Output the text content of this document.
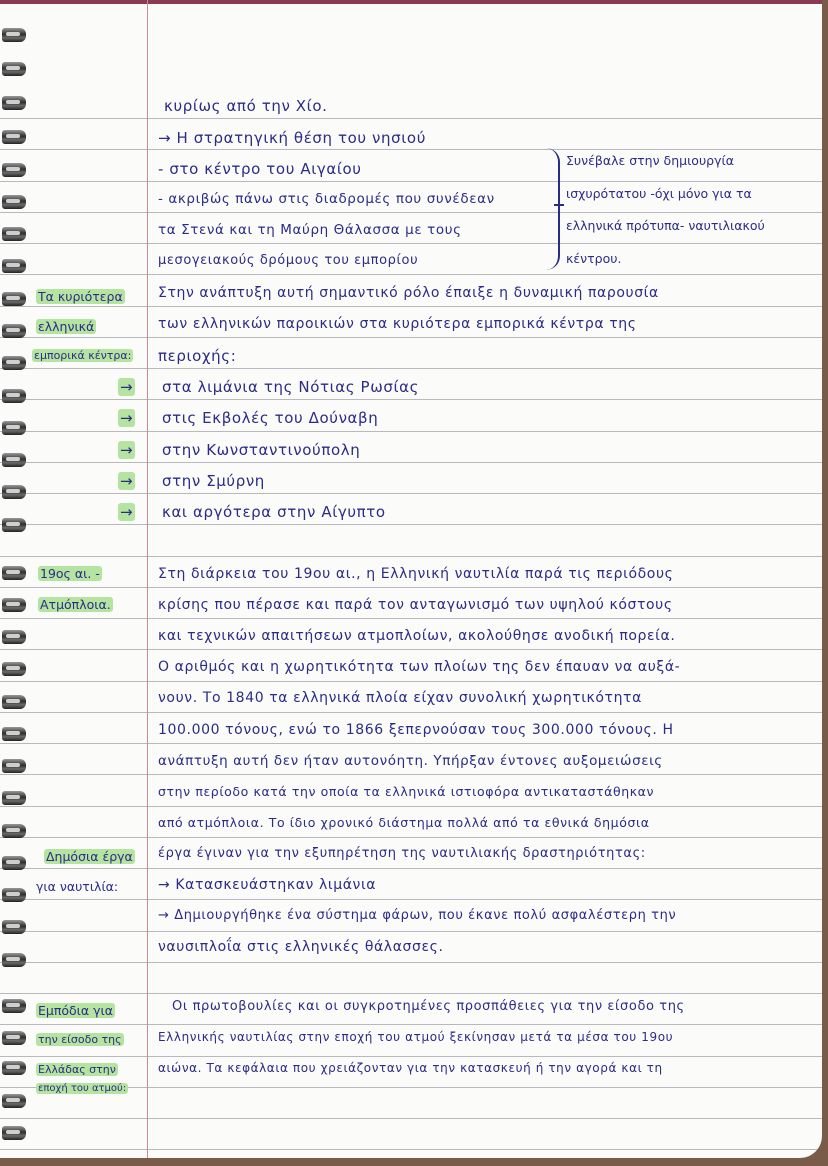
κυρίως από την Χίο.
→ Η στρατηγική θέση του νησιού
- στο κέντρο του Αιγαίου
- ακριβώς πάνω στις διαδρομές που συνέδεαν
τα Στενά και τη Μαύρη Θάλασσα με τους
μεσογειακούς δρόμους του εμπορίου
Συνέβαλε στην δημιουργία
ισχυρότατου -όχι μόνο για τα
ελληνικά πρότυπα- ναυτιλιακού
κέντρου.
Τα κυριότερα
ελληνικά
εμπορικά κέντρα:
Στην ανάπτυξη αυτή σημαντικό ρόλο έπαιξε η δυναμική παρουσία
των ελληνικών παροικιών στα κυριότερα εμπορικά κέντρα της
περιοχής:
→
→
→
→
→
στα λιμάνια της Νότιας Ρωσίας
στις Εκβολές του Δούναβη
στην Κωνσταντινούπολη
στην Σμύρνη
και αργότερα στην Αίγυπτο
19ος αι. -
Ατμόπλοια.
Στη διάρκεια του 19ου αι., η Ελληνική ναυτιλία παρά τις περιόδους
κρίσης που πέρασε και παρά τον ανταγωνισμό των υψηλού κόστους
και τεχνικών απαιτήσεων ατμοπλοίων, ακολούθησε ανοδική πορεία.
Ο αριθμός και η χωρητικότητα των πλοίων της δεν έπαυαν να αυξά-
νουν. Το 1840 τα ελληνικά πλοία είχαν συνολική χωρητικότητα
100.000 τόνους, ενώ το 1866 ξεπερνούσαν τους 300.000 τόνους. Η
ανάπτυξη αυτή δεν ήταν αυτονόητη. Υπήρξαν έντονες αυξομειώσεις
στην περίοδο κατά την οποία τα ελληνικά ιστιοφόρα αντικαταστάθηκαν
από ατμόπλοια. Το ίδιο χρονικό διάστημα πολλά από τα εθνικά δημόσια
έργα έγιναν για την εξυπηρέτηση της ναυτιλιακής δραστηριότητας:
Δημόσια έργα
για ναυτιλία:	→ Κατασκευάστηκαν λιμάνια
→ Δημιουργήθηκε ένα σύστημα φάρων, που έκανε πολύ ασφαλέστερη την
ναυσιπλοΐα στις ελληνικές θάλασσες.
Εμπόδια για
την είσοδο της
Ελλάδας στην
εποχή του ατμού:
Οι πρωτοβουλίες και οι συγκροτημένες προσπάθειες για την είσοδο της
Ελληνικής ναυτιλίας στην εποχή του ατμού ξεκίνησαν μετά τα μέσα του 19ου
αιώνα. Τα κεφάλαια που χρειάζονταν για την κατασκευή ή την αγορά και τη
